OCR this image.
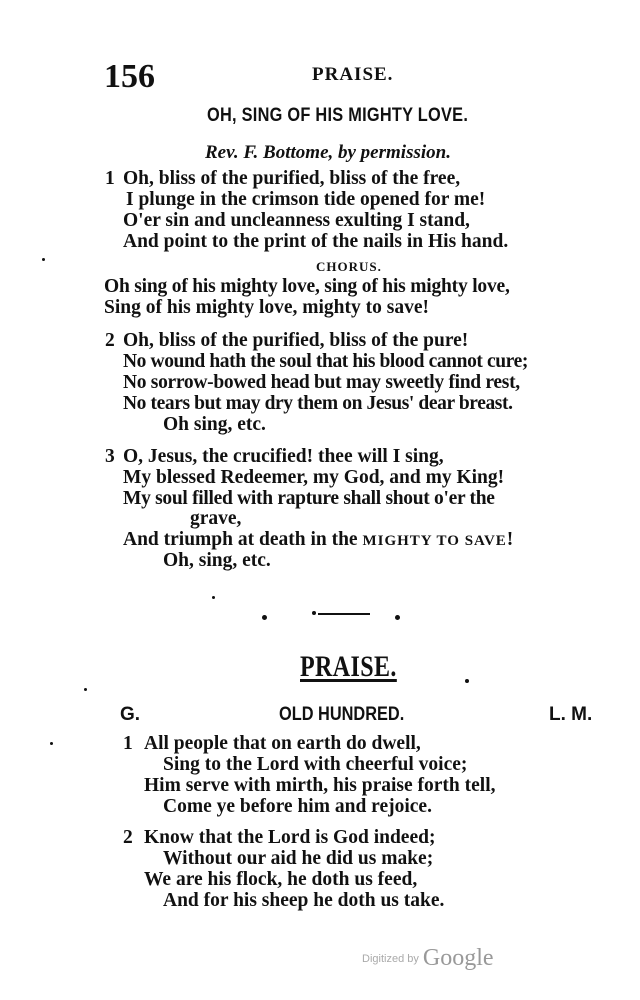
156	PRAISE.
OH, SING OF HIS MIGHTY LOVE.
Rev. F. Bottome, by permission.
1 Oh, bliss of the purified, bliss of the free,
I plunge in the crimson tide opened for me!
O'er sin and uncleanness exulting I stand,
And point to the print of the nails in His hand.
CHORUS.
Oh sing of his mighty love, sing of his mighty love,
Sing of his mighty love, mighty to save!
2 Oh, bliss of the purified, bliss of the pure!
No wound hath the soul that his blood cannot cure;
No sorrow-bowed head but may sweetly find rest,
No tears but may dry them on Jesus' dear breast.
Oh sing, etc.
3 O, Jesus, the crucified! thee will I sing,
My blessed Redeemer, my God, and my King!
My soul filled with rapture shall shout o'er the
grave,
And triumph at death in the MIGHTY TO SAVE!
Oh, sing, etc.
PRAISE.
G.	OLD HUNDRED.	L. M.
1 All people that on earth do dwell,
Sing to the Lord with cheerful voice;
Him serve with mirth, his praise forth tell,
Come ye before him and rejoice.
2 Know that the Lord is God indeed;
Without our aid he did us make;
We are his flock, he doth us feed,
And for his sheep he doth us take.
Digitized by Google
